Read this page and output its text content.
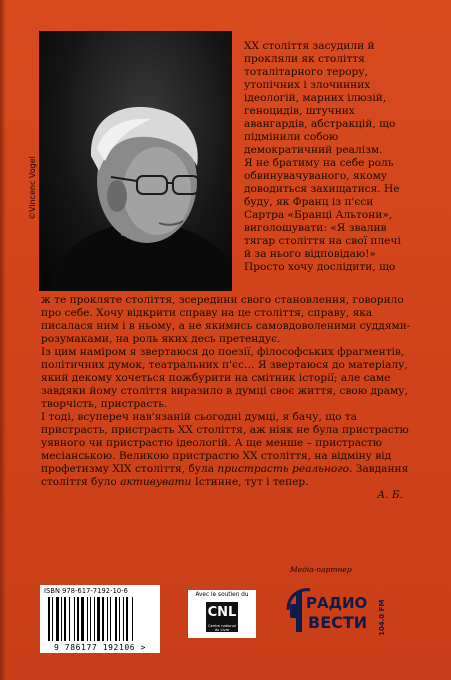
©Vincenc Vogel

XX століття засудили й прокляли як століття тоталітарного терору, утопічних і злочинних ідеологій, марних ілюзій, геноцидів, штучних авангардів, абстракцій, що підмінили собою демократичний реалізм.

Я не братиму на себе роль обвинувачуваного, якому доводиться захищатися. Не буду, як Франц із п'єси Сартра «Бранці Альтони», виголошувати: «Я звалив тягар століття на свої плечі й за нього відповідаю!» Просто хочу дослідити, що

ж те прокляте століття, зсередини свого становлення, говорило про себе. Хочу відкрити справу на це століття, справу, яка писалася ним і в ньому, а не якимись самовдоволеними суддями-розумаками, на роль яких десь претендує.

Із цим наміром я звертаюся до поезії, філософських фрагментів, політичних думок, театральних п'єс… Я звертаюся до матеріалу, який декому хочеться пожбурити на смітник історії; але саме завдяки йому століття виразило в думці своє життя, свою драму, творчість, пристрасть.

І тоді, всупереч нав'язаній сьогодні думці, я бачу, що та пристрасть, пристрасть XX століття, аж ніяк не була пристрастю уявного чи пристрастю ідеологій. А ще менше – пристрастю месіанською. Великою пристрастю XX століття, на відміну від профетизму XIX століття, була пристрасть реального. Завдання століття було активувати Істинне, тут і тепер.

А. Б.

ISBN 978-617-7192-10-6
9 786177 192106 >
Avec le soutien du
CNL
Centre national du Livre
Медіа-партнер
РАДИО
ВЕСТИ 104.0 FM
